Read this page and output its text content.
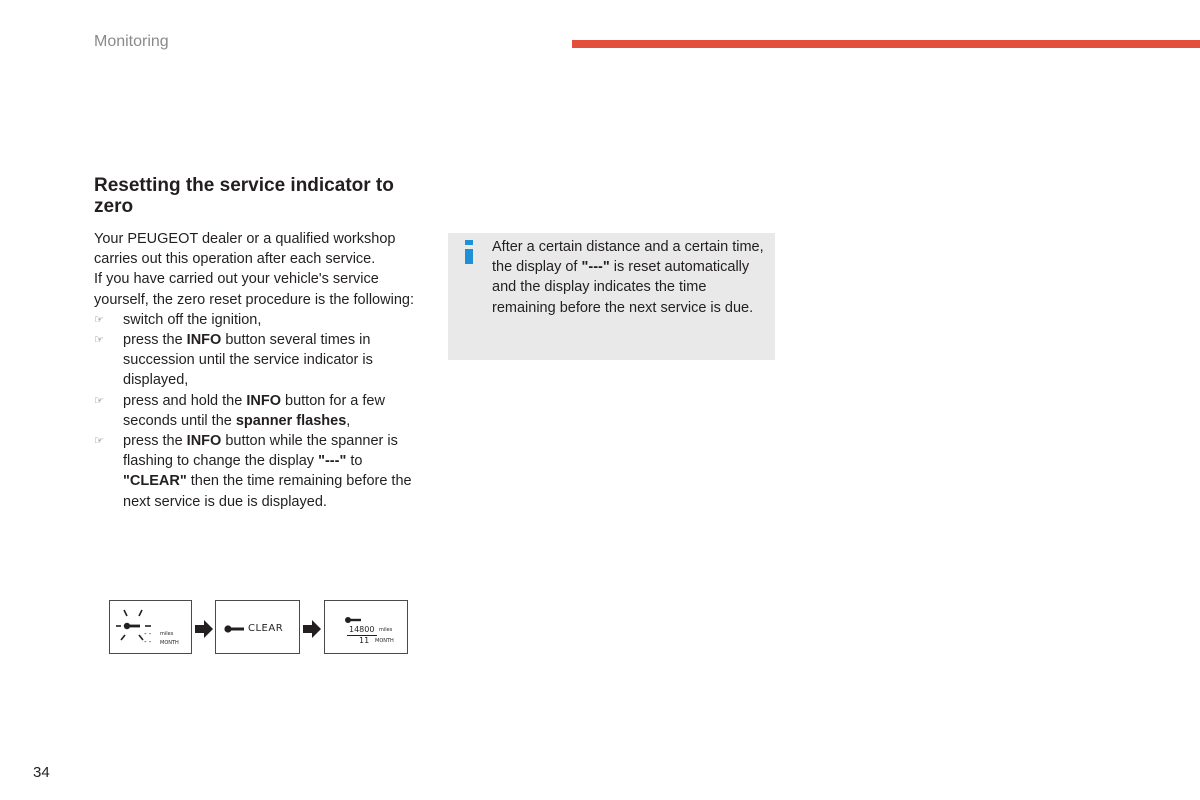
Monitoring
Resetting the service indicator to zero

Your PEUGEOT dealer or a qualified workshop carries out this operation after each service.

If you have carried out your vehicle's service yourself, the zero reset procedure is the following:

☞ switch off the ignition,
☞ press the INFO button several times in succession until the service indicator is displayed,
☞ press and hold the INFO button for a few seconds until the spanner flashes,
☞ press the INFO button while the spanner is flashing to change the display "---" to "CLEAR" then the time remaining before the next service is due is displayed.
After a certain distance and a certain time, the display of "---" is reset automatically and the display indicates the time remaining before the next service is due.
- - miles
- - MONTH
CLEAR	14800 miles
11 MONTH
34
